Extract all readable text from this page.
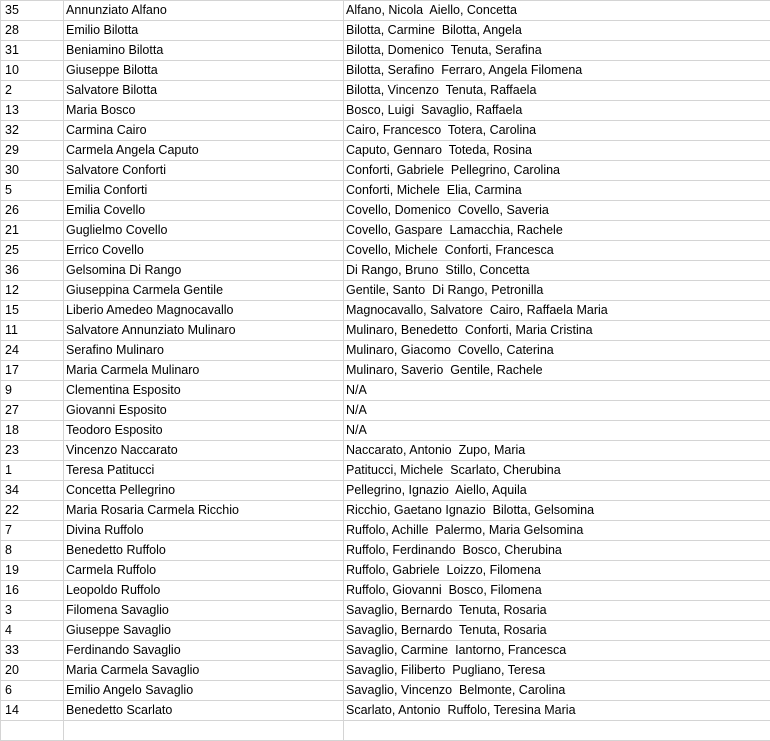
35	Annunziato Alfano	Alfano, Nicola  Aiello, Concetta
28	Emilio Bilotta	Bilotta, Carmine  Bilotta, Angela
31	Beniamino Bilotta	Bilotta, Domenico  Tenuta, Serafina
10	Giuseppe Bilotta	Bilotta, Serafino  Ferraro, Angela Filomena
2	Salvatore Bilotta	Bilotta, Vincenzo  Tenuta, Raffaela
13	Maria Bosco	Bosco, Luigi  Savaglio, Raffaela
32	Carmina Cairo	Cairo, Francesco  Totera, Carolina
29	Carmela Angela Caputo	Caputo, Gennaro  Toteda, Rosina
30	Salvatore Conforti	Conforti, Gabriele  Pellegrino, Carolina
5	Emilia Conforti	Conforti, Michele  Elia, Carmina
26	Emilia Covello	Covello, Domenico  Covello, Saveria
21	Guglielmo Covello	Covello, Gaspare  Lamacchia, Rachele
25	Errico Covello	Covello, Michele  Conforti, Francesca
36	Gelsomina Di Rango	Di Rango, Bruno  Stillo, Concetta
12	Giuseppina Carmela Gentile	Gentile, Santo  Di Rango, Petronilla
15	Liberio Amedeo Magnocavallo	Magnocavallo, Salvatore  Cairo, Raffaela Maria
11	Salvatore Annunziato Mulinaro	Mulinaro, Benedetto  Conforti, Maria Cristina
24	Serafino Mulinaro	Mulinaro, Giacomo  Covello, Caterina
17	Maria Carmela Mulinaro	Mulinaro, Saverio  Gentile, Rachele
9	Clementina Esposito	N/A
27	Giovanni Esposito	N/A
18	Teodoro Esposito	N/A
23	Vincenzo Naccarato	Naccarato, Antonio  Zupo, Maria
1	Teresa Patitucci	Patitucci, Michele  Scarlato, Cherubina
34	Concetta Pellegrino	Pellegrino, Ignazio  Aiello, Aquila
22	Maria Rosaria Carmela Ricchio	Ricchio, Gaetano Ignazio  Bilotta, Gelsomina
7	Divina Ruffolo	Ruffolo, Achille  Palermo, Maria Gelsomina
8	Benedetto Ruffolo	Ruffolo, Ferdinando  Bosco, Cherubina
19	Carmela Ruffolo	Ruffolo, Gabriele  Loizzo, Filomena
16	Leopoldo Ruffolo	Ruffolo, Giovanni  Bosco, Filomena
3	Filomena Savaglio	Savaglio, Bernardo  Tenuta, Rosaria
4	Giuseppe Savaglio	Savaglio, Bernardo  Tenuta, Rosaria
33	Ferdinando Savaglio	Savaglio, Carmine  Iantorno, Francesca
20	Maria Carmela Savaglio	Savaglio, Filiberto  Pugliano, Teresa
6	Emilio Angelo Savaglio	Savaglio, Vincenzo  Belmonte, Carolina
14	Benedetto Scarlato	Scarlato, Antonio  Ruffolo, Teresina Maria
